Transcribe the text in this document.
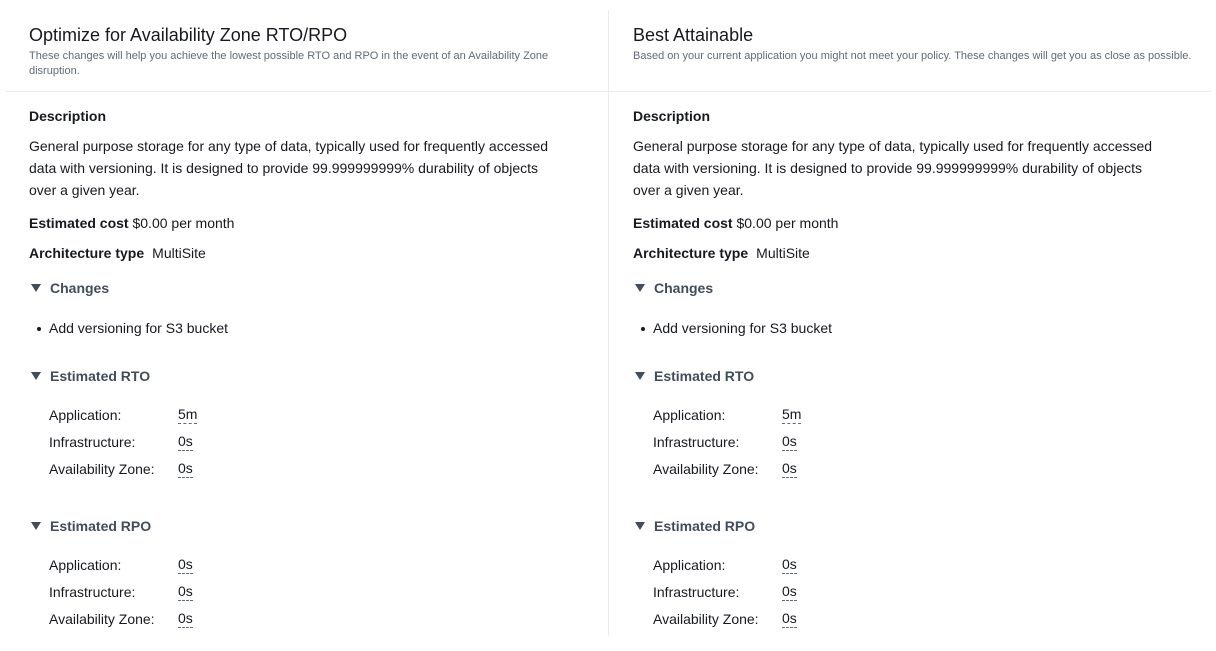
Optimize for Availability Zone RTO/RPO
These changes will help you achieve the lowest possible RTO and RPO in the event of an Availability Zone disruption.
Description
General purpose storage for any type of data, typically used for frequently accessed data with versioning. It is designed to provide 99.999999999% durability of objects over a given year.
Estimated cost $0.00 per month
Architecture type MultiSite
Changes
Add versioning for S3 bucket
Estimated RTO
Application:	5m
Infrastructure:	0s
Availability Zone:	0s
Estimated RPO
Application:	0s
Infrastructure:	0s
Availability Zone:	0s
Best Attainable
Based on your current application you might not meet your policy. These changes will get you as close as possible.
Description
General purpose storage for any type of data, typically used for frequently accessed data with versioning. It is designed to provide 99.999999999% durability of objects over a given year.
Estimated cost $0.00 per month
Architecture type MultiSite
Changes
Add versioning for S3 bucket
Estimated RTO
Application:	5m
Infrastructure:	0s
Availability Zone:	0s
Estimated RPO
Application:	0s
Infrastructure:	0s
Availability Zone:	0s
